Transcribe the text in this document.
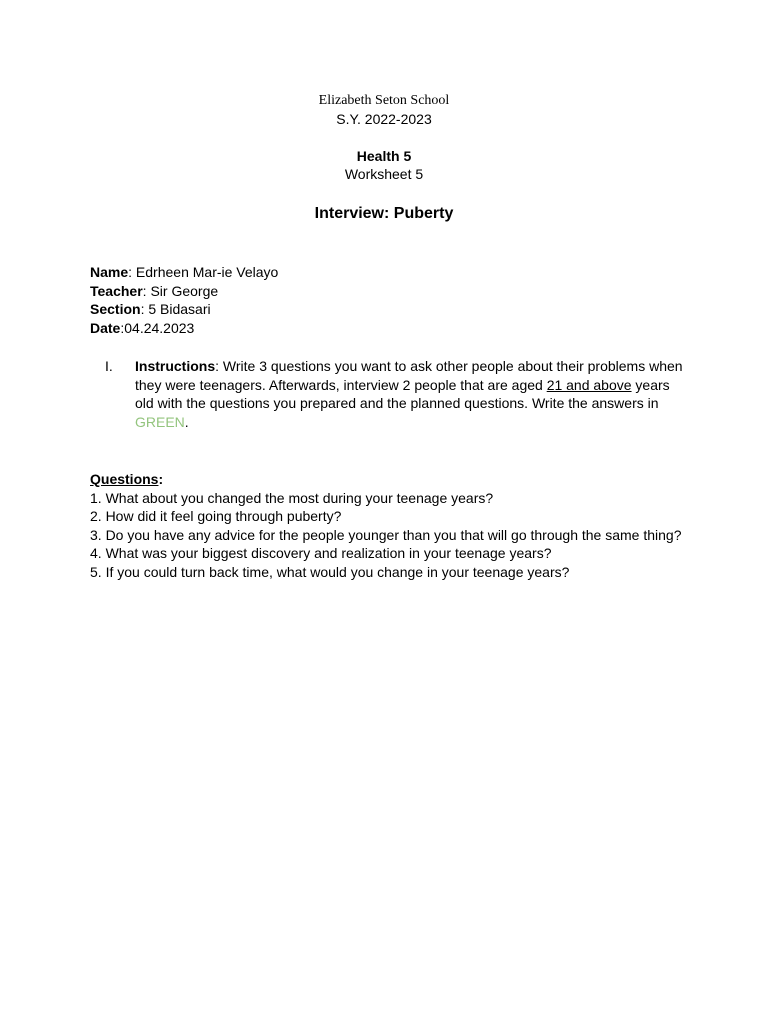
Elizabeth Seton School
S.Y. 2022-2023
Health 5
Worksheet 5
Interview: Puberty
Name: Edrheen Mar-ie Velayo
Teacher: Sir George
Section: 5 Bidasari
Date:04.24.2023
I. Instructions: Write 3 questions you want to ask other people about their problems when they were teenagers. Afterwards, interview 2 people that are aged 21 and above years old with the questions you prepared and the planned questions. Write the answers in GREEN.
Questions:
1. What about you changed the most during your teenage years?
2. How did it feel going through puberty?
3. Do you have any advice for the people younger than you that will go through the same thing?
4. What was your biggest discovery and realization in your teenage years?
5. If you could turn back time, what would you change in your teenage years?
